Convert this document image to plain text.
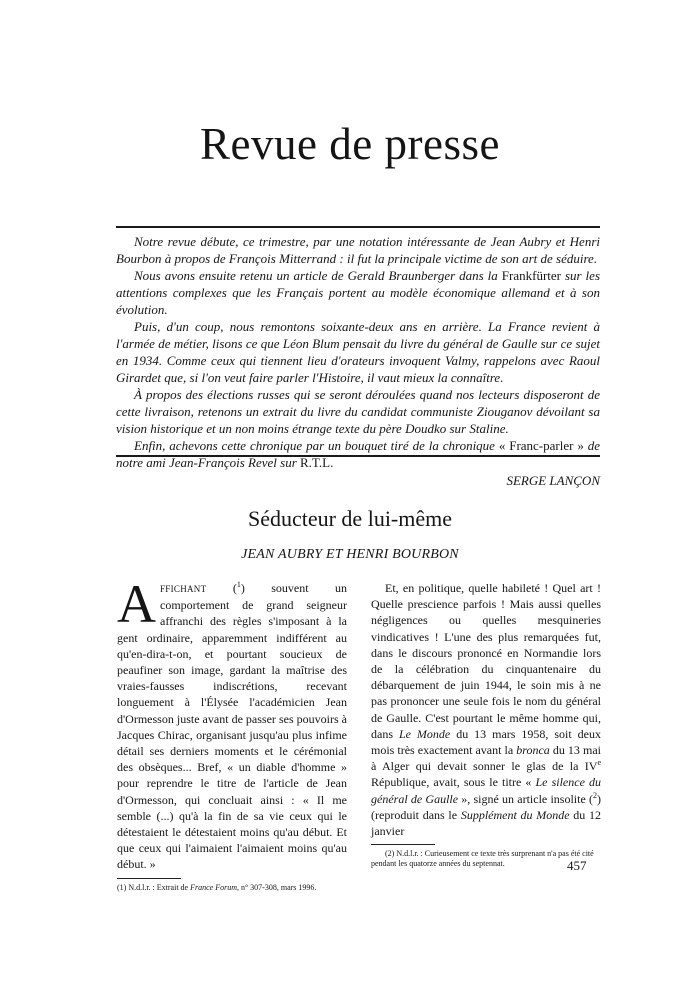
Revue de presse

Notre revue débute, ce trimestre, par une notation intéressante de Jean Aubry et Henri Bourbon à propos de François Mitterrand : il fut la principale victime de son art de séduire.

Nous avons ensuite retenu un article de Gerald Braunberger dans la Frankfürter sur les attentions complexes que les Français portent au modèle économique allemand et à son évolution.

Puis, d'un coup, nous remontons soixante-deux ans en arrière. La France revient à l'armée de métier, lisons ce que Léon Blum pensait du livre du général de Gaulle sur ce sujet en 1934. Comme ceux qui tiennent lieu d'orateurs invoquent Valmy, rappelons avec Raoul Girardet que, si l'on veut faire parler l'Histoire, il vaut mieux la connaître.

À propos des élections russes qui se seront déroulées quand nos lecteurs disposeront de cette livraison, retenons un extrait du livre du candidat communiste Ziouganov dévoilant sa vision historique et un non moins étrange texte du père Doudko sur Staline.

Enfin, achevons cette chronique par un bouquet tiré de la chronique « Franc-parler » de notre ami Jean-François Revel sur R.T.L.

SERGE LANÇON
Séducteur de lui-même
JEAN AUBRY ET HENRI BOURBON

AFFICHANT ($^1$) souvent un comportement de grand seigneur affranchi des règles s'imposant à la gent ordinaire, apparemment indifférent au qu'en-dira-t-on, et pourtant soucieux de peaufiner son image, gardant la maîtrise des vraies-fausses indiscrétions, recevant longuement à l'Élysée l'académicien Jean d'Ormesson juste avant de passer ses pouvoirs à Jacques Chirac, organisant jusqu'au plus infime détail ses derniers moments et le cérémonial des obsèques... Bref, « un diable d'homme » pour reprendre le titre de l'article de Jean d'Ormesson, qui concluait ainsi : « Il me semble (...) qu'à la fin de sa vie ceux qui le détestaient le détestaient moins qu'au début. Et que ceux qui l'aimaient l'aimaient moins qu'au début. »

(1) N.d.l.r. : Extrait de France Forum, n° 307-308, mars 1996.

Et, en politique, quelle habileté ! Quel art ! Quelle prescience parfois ! Mais aussi quelles négligences ou quelles mesquineries vindicatives ! L'une des plus remarquées fut, dans le discours prononcé en Normandie lors de la célébration du cinquantenaire du débarquement de juin 1944, le soin mis à ne pas prononcer une seule fois le nom du général de Gaulle. C'est pourtant le même homme qui, dans Le Monde du 13 mars 1958, soit deux mois très exactement avant la bronca du 13 mai à Alger qui devait sonner le glas de la IVe République, avait, sous le titre « Le silence du général de Gaulle », signé un article insolite ($^2$) (reproduit dans le Supplément du Monde du 12 janvier

(2) N.d.l.r. : Curieusement ce texte très surprenant n'a pas été cité pendant les quatorze années du septennat.	457
